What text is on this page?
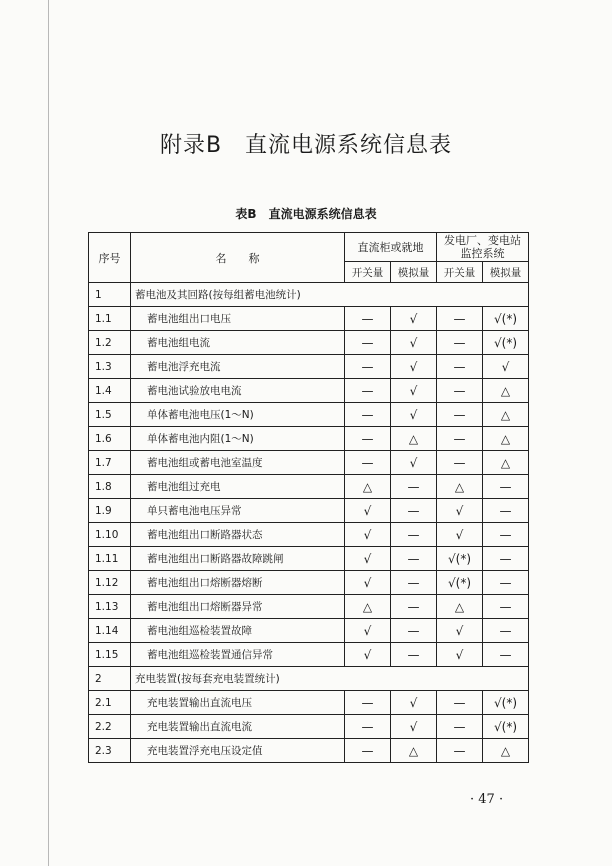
附录B　直流电源系统信息表
表B　直流电源系统信息表
序号	名　　称	直流柜或就地		发电厂、变电站
监控系统	
		开关量	模拟量	开关量	模拟量
1	蓄电池及其回路(按每组蓄电池统计)				
1.1	蓄电池组出口电压	—	√	—	√(*)
1.2	蓄电池组电流	—	√	—	√(*)
1.3	蓄电池浮充电流	—	√	—	√
1.4	蓄电池试验放电电流	—	√	—	△
1.5	单体蓄电池电压(1～N)	—	√	—	△
1.6	单体蓄电池内阻(1～N)	—	△	—	△
1.7	蓄电池组或蓄电池室温度	—	√	—	△
1.8	蓄电池组过充电	△	—	△	—
1.9	单只蓄电池电压异常	√	—	√	—
1.10	蓄电池组出口断路器状态	√	—	√	—
1.11	蓄电池组出口断路器故障跳闸	√	—	√(*)	—
1.12	蓄电池组出口熔断器熔断	√	—	√(*)	—
1.13	蓄电池组出口熔断器异常	△	—	△	—
1.14	蓄电池组巡检装置故障	√	—	√	—
1.15	蓄电池组巡检装置通信异常	√	—	√	—
2	充电装置(按每套充电装置统计)				
2.1	充电装置输出直流电压	—	√	—	√(*)
2.2	充电装置输出直流电流	—	√	—	√(*)
2.3	充电装置浮充电压设定值	—	△	—	△
· 47 ·
